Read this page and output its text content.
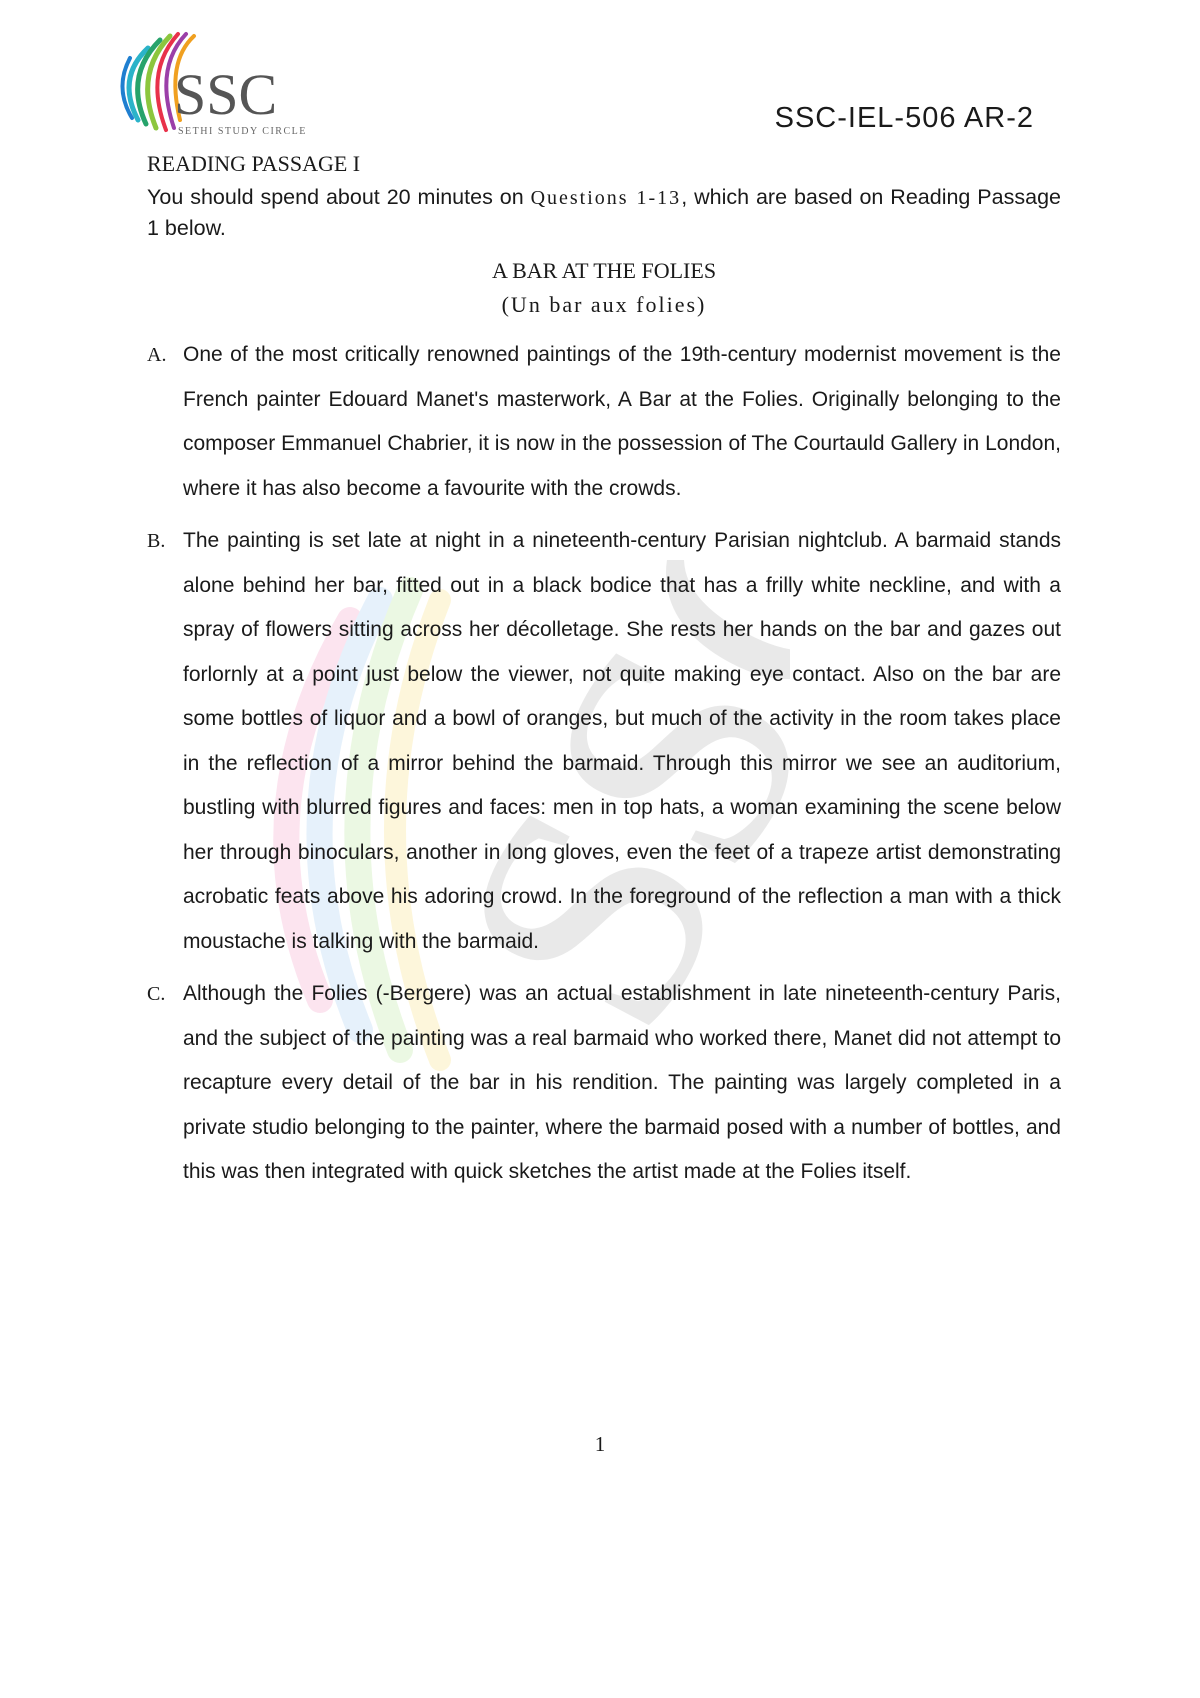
SSC
SETHI STUDY CIRCLE	SSC-IEL-506 AR-2
SSC

READING PASSAGE I

You should spend about 20 minutes on Questions 1-13, which are based on Reading Passage 1 below.

A BAR AT THE FOLIES

(Un bar aux folies)

A. One of the most critically renowned paintings of the 19th-century modernist movement is the French painter Edouard Manet's masterwork, A Bar at the Folies. Originally belonging to the composer Emmanuel Chabrier, it is now in the possession of The Courtauld Gallery in London, where it has also become a favourite with the crowds.
B. The painting is set late at night in a nineteenth-century Parisian nightclub. A barmaid stands alone behind her bar, fitted out in a black bodice that has a frilly white neckline, and with a spray of flowers sitting across her décolletage. She rests her hands on the bar and gazes out forlornly at a point just below the viewer, not quite making eye contact. Also on the bar are some bottles of liquor and a bowl of oranges, but much of the activity in the room takes place in the reflection of a mirror behind the barmaid. Through this mirror we see an auditorium, bustling with blurred figures and faces: men in top hats, a woman examining the scene below her through binoculars, another in long gloves, even the feet of a trapeze artist demonstrating acrobatic feats above his adoring crowd. In the foreground of the reflection a man with a thick moustache is talking with the barmaid.
C. Although the Folies (-Bergere) was an actual establishment in late nineteenth-century Paris, and the subject of the painting was a real barmaid who worked there, Manet did not attempt to recapture every detail of the bar in his rendition. The painting was largely completed in a private studio belonging to the painter, where the barmaid posed with a number of bottles, and this was then integrated with quick sketches the artist made at the Folies itself.
1
